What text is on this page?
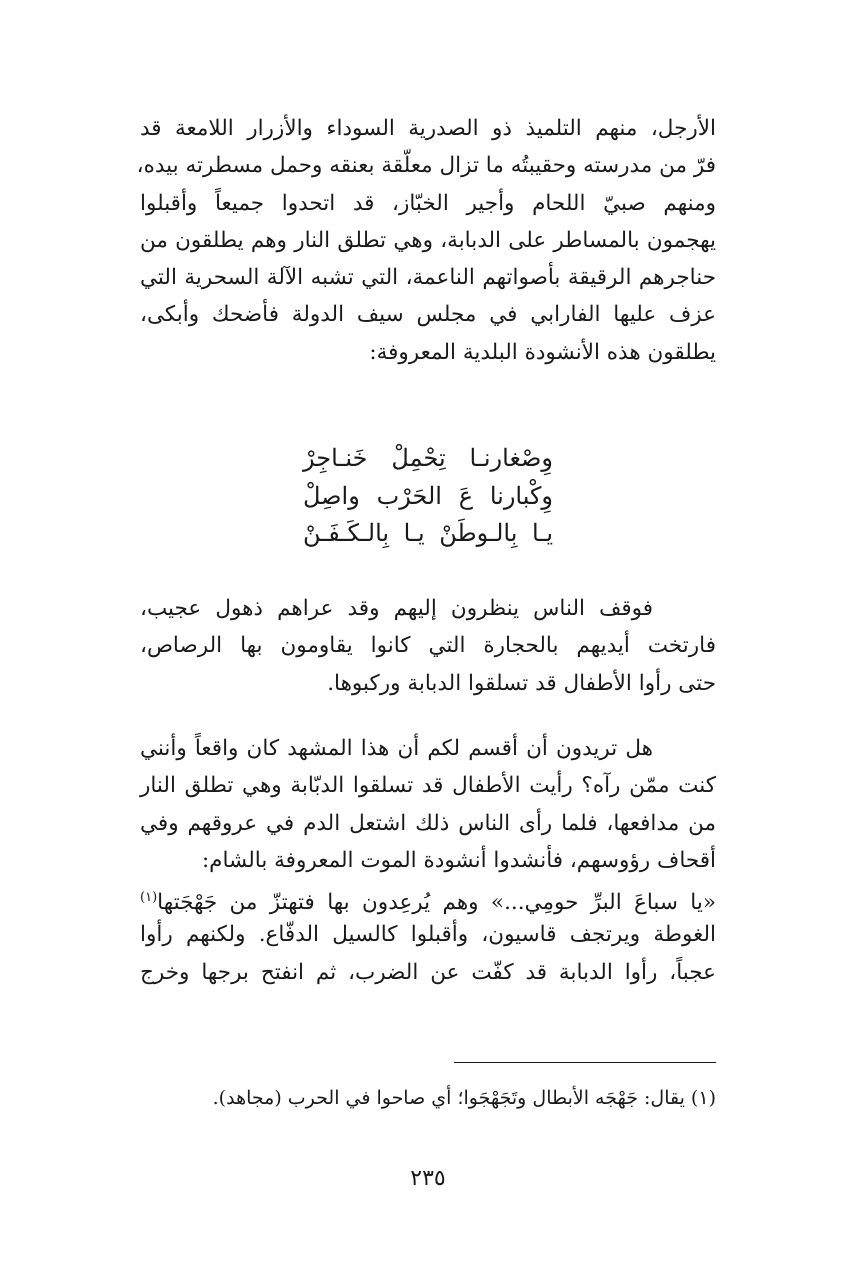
الأرجل، منهم التلميذ ذو الصدرية السوداء والأزرار اللامعة قد
فرّ من مدرسته وحقيبتُه ما تزال معلّقة بعنقه وحمل مسطرته بيده،
ومنهم صبيّ اللحام وأجير الخبّاز، قد اتحدوا جميعاً وأقبلوا
يهجمون بالمساطر على الدبابة، وهي تطلق النار وهم يطلقون من
حناجرهم الرقيقة بأصواتهم الناعمة، التي تشبه الآلة السحرية التي
عزف عليها الفارابي في مجلس سيف الدولة فأضحك وأبكى،
يطلقون هذه الأنشودة البلدية المعروفة:
وِصْغارنـا تِحْمِلْ خَنـاجِرْ
وِكْبارنا عَ الحَرْب واصِلْ
يـا بِالـوطَنْ يـا بِالـكَـفَـنْ
فوقف الناس ينظرون إليهم وقد عراهم ذهول عجيب،
فارتخت أيديهم بالحجارة التي كانوا يقاومون بها الرصاص،
حتى رأوا الأطفال قد تسلقوا الدبابة وركبوها.
هل تريدون أن أقسم لكم أن هذا المشهد كان واقعاً وأنني
كنت ممّن رآه؟ رأيت الأطفال قد تسلقوا الدبّابة وهي تطلق النار
من مدافعها، فلما رأى الناس ذلك اشتعل الدم في عروقهم وفي
أقحاف رؤوسهم، فأنشدوا أنشودة الموت المعروفة بالشام:
«يا سباعَ البرِّ حومِي...» وهم يُرعِدون بها فتهتزّ من جَهْجَتها$^{(١)}$
الغوطة ويرتجف قاسيون، وأقبلوا كالسيل الدفّاع. ولكنهم رأوا
عجباً، رأوا الدبابة قد كفّت عن الضرب، ثم انفتح برجها وخرج
(١) يقال: جَهْجَه الأبطال وتَجَهْجَوا؛ أي صاحوا في الحرب (مجاهد).
٢٣٥
